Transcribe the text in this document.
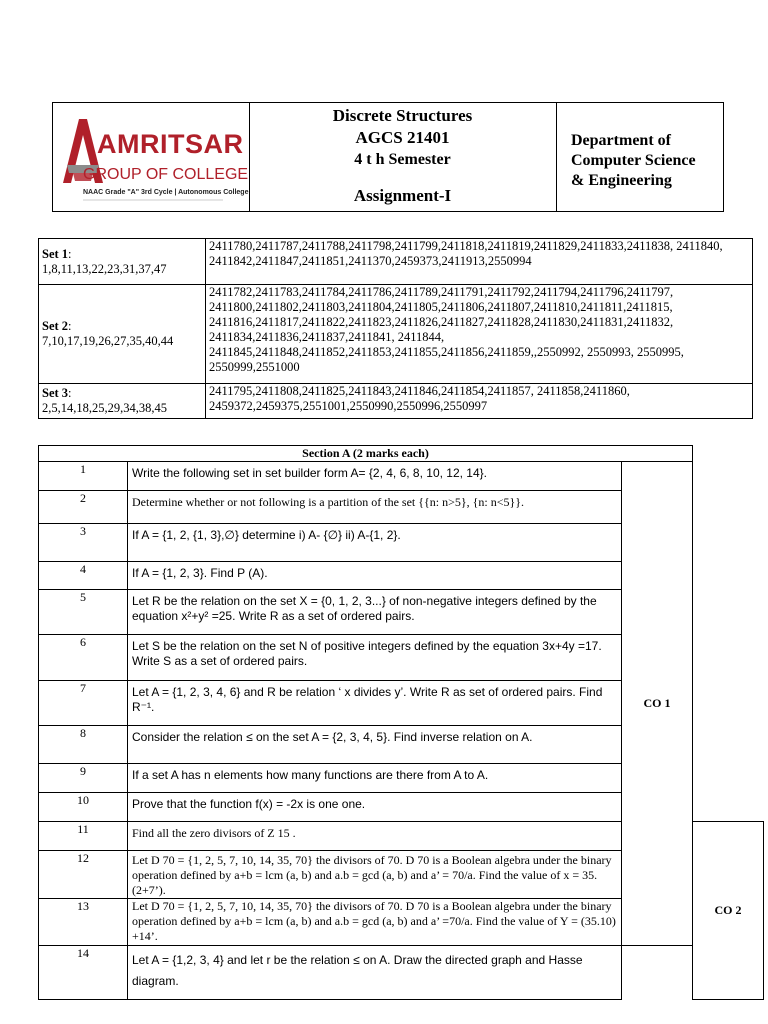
AMRITSAR
GROUP OF COLLEGES
NAAC Grade "A" 3rd Cycle | Autonomous College
Discrete Structures
AGCS 21401
4 t h Semester
Assignment-I
Department of
Computer Science
& Engineering
Set 1:
1,8,11,13,22,23,31,37,47	2411780,2411787,2411788,2411798,2411799,2411818,2411819,2411829,2411833,2411838, 2411840, 2411842,2411847,2411851,2411370,2459373,2411913,2550994
Set 2:
7,10,17,19,26,27,35,40,44	2411782,2411783,2411784,2411786,2411789,2411791,2411792,2411794,2411796,2411797, 2411800,2411802,2411803,2411804,2411805,2411806,2411807,2411810,2411811,2411815, 2411816,2411817,2411822,2411823,2411826,2411827,2411828,2411830,2411831,2411832, 2411834,2411836,2411837,2411841, 2411844, 2411845,2411848,2411852,2411853,2411855,2411856,2411859,,2550992, 2550993, 2550995, 2550999,2551000
Set 3:
2,5,14,18,25,29,34,38,45	2411795,2411808,2411825,2411843,2411846,2411854,2411857, 2411858,2411860, 2459372,2459375,2551001,2550990,2550996,2550997
Section A (2 marks each)			
1	Write the following set in set builder form A= {2, 4, 6, 8, 10, 12, 14}.	CO 1	
2	Determine whether or not following is a partition of the set {{n: n>5}, {n: n<5}}.		
3	If A = {1, 2, {1, 3},∅} determine i) A- {∅} ii) A-{1, 2}.		
4	If A = {1, 2, 3}. Find P (A).		
5	Let R be the relation on the set X = {0, 1, 2, 3...} of non-negative integers defined by the equation x²+y² =25. Write R as a set of ordered pairs.		
6	Let S be the relation on the set N of positive integers defined by the equation 3x+4y =17. Write S as a set of ordered pairs.		
7	Let A = {1, 2, 3, 4, 6} and R be relation ‘ x divides y’. Write R as set of ordered pairs. Find R⁻¹.		
8	Consider the relation ≤ on the set A = {2, 3, 4, 5}. Find inverse relation on A.		
9	If a set A has n elements how many functions are there from A to A.		
10	Prove that the function f(x) = -2x is one one.		
11	Find all the zero divisors of Z 15 .		CO 2
12	Let D 70 = {1, 2, 5, 7, 10, 14, 35, 70} the divisors of 70. D 70 is a Boolean algebra under the binary operation defined by a+b = lcm (a, b) and a.b = gcd (a, b) and a’ = 70/a. Find the value of x = 35. (2+7’).		
13	Let D 70 = {1, 2, 5, 7, 10, 14, 35, 70} the divisors of 70. D 70 is a Boolean algebra under the binary operation defined by a+b = lcm (a, b) and a.b = gcd (a, b) and a’ =70/a. Find the value of Y = (35.10) +14’.		
14	Let A = {1,2, 3, 4} and let r be the relation ≤ on A. Draw the directed graph and Hasse diagram.		
